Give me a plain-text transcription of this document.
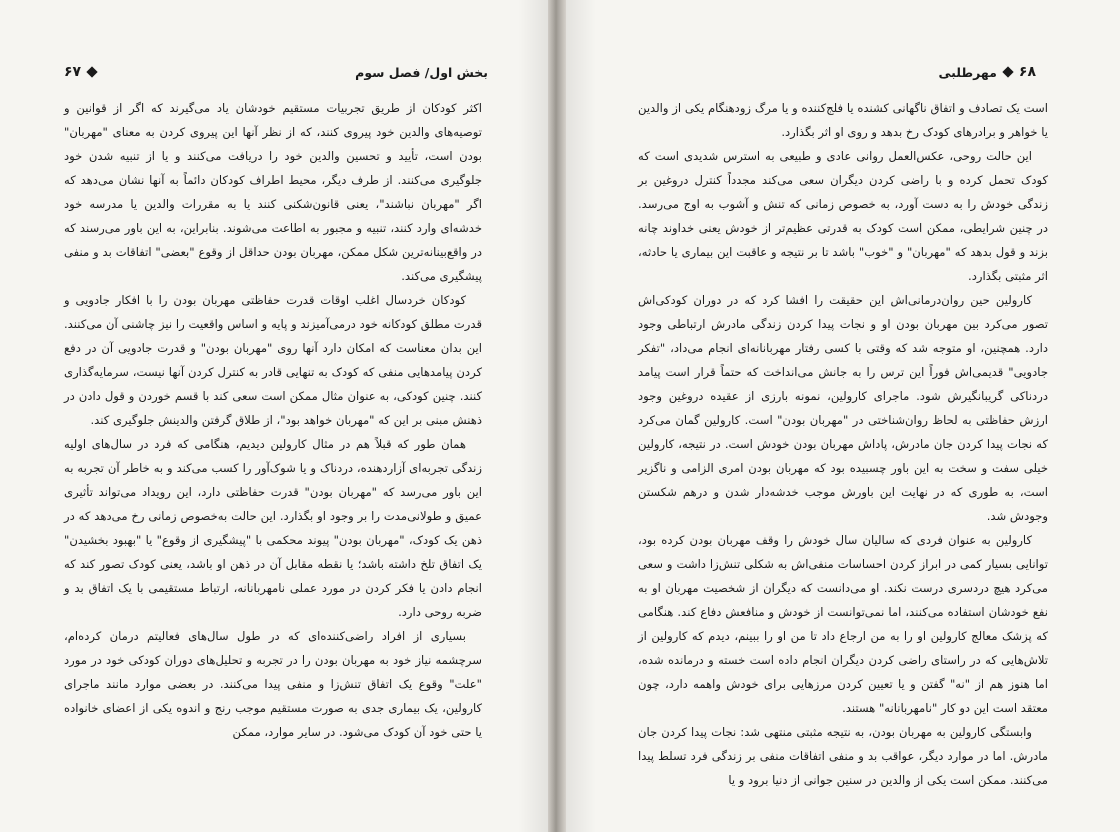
بخش اول/ فصل سوم
۶۷

اکثر کودکان از طریق تجربیات مستقیم خودشان یاد می‌گیرند که اگر از قوانین و توصیه‌های والدین خود پیروی کنند، که از نظر آنها این پیروی کردن به معنای "مهربان" بودن است، تأیید و تحسین والدین خود را دریافت می‌کنند و یا از تنبیه شدن خود جلوگیری می‌کنند. از طرف دیگر، محیط اطراف کودکان دائماً به آنها نشان می‌دهد که اگر "مهربان نباشند"، یعنی قانون‌شکنی کنند یا به مقررات والدین یا مدرسه خود خدشه‌ای وارد کنند، تنبیه و مجبور به اطاعت می‌شوند. بنابراین، به این باور می‌رسند که در واقع‌بینانه‌ترین شکل ممکن، مهربان بودن حداقل از وقوع "بعضی" اتفاقات بد و منفی پیشگیری می‌کند.

کودکان خردسال اغلب اوقات قدرت حفاظتی مهربان بودن را با افکار جادویی و قدرت مطلق کودکانه خود درمی‌آمیزند و پایه و اساس واقعیت را نیز چاشنی آن می‌کنند. این بدان معناست که امکان دارد آنها روی "مهربان بودن" و قدرت جادویی آن در دفع کردن پیامدهایی منفی که کودک به تنهایی قادر به کنترل کردن آنها نیست، سرمایه‌گذاری کنند. چنین کودکی، به عنوان مثال ممکن است سعی کند با قسم خوردن و قول دادن در ذهنش مبنی بر این که "مهربان خواهد بود"، از طلاق گرفتن والدینش جلوگیری کند.

همان طور که قبلاً هم در مثال کارولین دیدیم، هنگامی که فرد در سال‌های اولیه زندگی تجربه‌ای آزاردهنده، دردناک و یا شوک‌آور را کسب می‌کند و به خاطر آن تجربه به این باور می‌رسد که "مهربان بودن" قدرت حفاظتی دارد، این رویداد می‌تواند تأثیری عمیق و طولانی‌مدت را بر وجود او بگذارد. این حالت به‌خصوص زمانی رخ می‌دهد که در ذهن یک کودک، "مهربان بودن" پیوند محکمی با "پیشگیری از وقوع" یا "بهبود بخشیدن" یک اتفاق تلخ داشته باشد؛ یا نقطه مقابل آن در ذهن او باشد، یعنی کودک تصور کند که انجام دادن یا فکر کردن در مورد عملی نامهربانانه، ارتباط مستقیمی با یک اتفاق بد و ضربه روحی دارد.

بسیاری از افراد راضی‌کننده‌ای که در طول سال‌های فعالیتم درمان کرده‌ام، سرچشمه نیاز خود به مهربان بودن را در تجربه و تحلیل‌های دوران کودکی خود در مورد "علت" وقوع یک اتفاق تنش‌زا و منفی پیدا می‌کنند. در بعضی موارد مانند ماجرای کارولین، یک بیماری جدی به صورت مستقیم موجب رنج و اندوه یکی از اعضای خانواده یا حتی خود آن کودک می‌شود. در سایر موارد، ممکن

۶۸
مهرطلبی

است یک تصادف و اتفاق ناگهانی کشنده یا فلج‌کننده و یا مرگ زودهنگام یکی از والدین یا خواهر و برادرهای کودک رخ بدهد و روی او اثر بگذارد.

این حالت روحی، عکس‌العمل روانی عادی و طبیعی به استرس شدیدی است که کودک تحمل کرده و با راضی کردن دیگران سعی می‌کند مجدداً کنترل دروغین بر زندگی خودش را به دست آورد، به خصوص زمانی که تنش و آشوب به اوج می‌رسد. در چنین شرایطی، ممکن است کودک به قدرتی عظیم‌تر از خودش یعنی خداوند چانه بزند و قول بدهد که "مهربان" و "خوب" باشد تا بر نتیجه و عاقبت این بیماری یا حادثه، اثر مثبتی بگذارد.

کارولین حین روان‌درمانی‌اش این حقیقت را افشا کرد که در دوران کودکی‌اش تصور می‌کرد بین مهربان بودن او و نجات پیدا کردن زندگی مادرش ارتباطی وجود دارد. همچنین، او متوجه شد که وقتی با کسی رفتار مهربانانه‌ای انجام می‌داد، "تفکر جادویی" قدیمی‌اش فوراً این ترس را به جانش می‌انداخت که حتماً قرار است پیامد دردناکی گریبانگیرش شود. ماجرای کارولین، نمونه بارزی از عقیده دروغین وجود ارزش حفاظتی به لحاظ روان‌شناختی در "مهربان بودن" است. کارولین گمان می‌کرد که نجات پیدا کردن جان مادرش، پاداش مهربان بودن خودش است. در نتیجه، کارولین خیلی سفت و سخت به این باور چسبیده بود که مهربان بودن امری الزامی و ناگزیر است، به طوری که در نهایت این باورش موجب خدشه‌دار شدن و درهم شکستن وجودش شد.

کارولین به عنوان فردی که سالیان سال خودش را وقف مهربان بودن کرده بود، توانایی بسیار کمی در ابراز کردن احساسات منفی‌اش به شکلی تنش‌زا داشت و سعی می‌کرد هیچ دردسری درست نکند. او می‌دانست که دیگران از شخصیت مهربان او به نفع خودشان استفاده می‌کنند، اما نمی‌توانست از خودش و منافعش دفاع کند. هنگامی که پزشک معالج کارولین او را به من ارجاع داد تا من او را ببینم، دیدم که کارولین از تلاش‌هایی که در راستای راضی کردن دیگران انجام داده است خسته و درمانده شده، اما هنوز هم از "نه" گفتن و یا تعیین کردن مرزهایی برای خودش واهمه دارد، چون معتقد است این دو کار "نامهربانانه" هستند.

وابستگی کارولین به مهربان بودن، به نتیجه مثبتی منتهی شد: نجات پیدا کردن جان مادرش. اما در موارد دیگر، عواقب بد و منفی اتفاقات منفی بر زندگی فرد تسلط پیدا می‌کنند. ممکن است یکی از والدین در سنین جوانی از دنیا برود و یا
